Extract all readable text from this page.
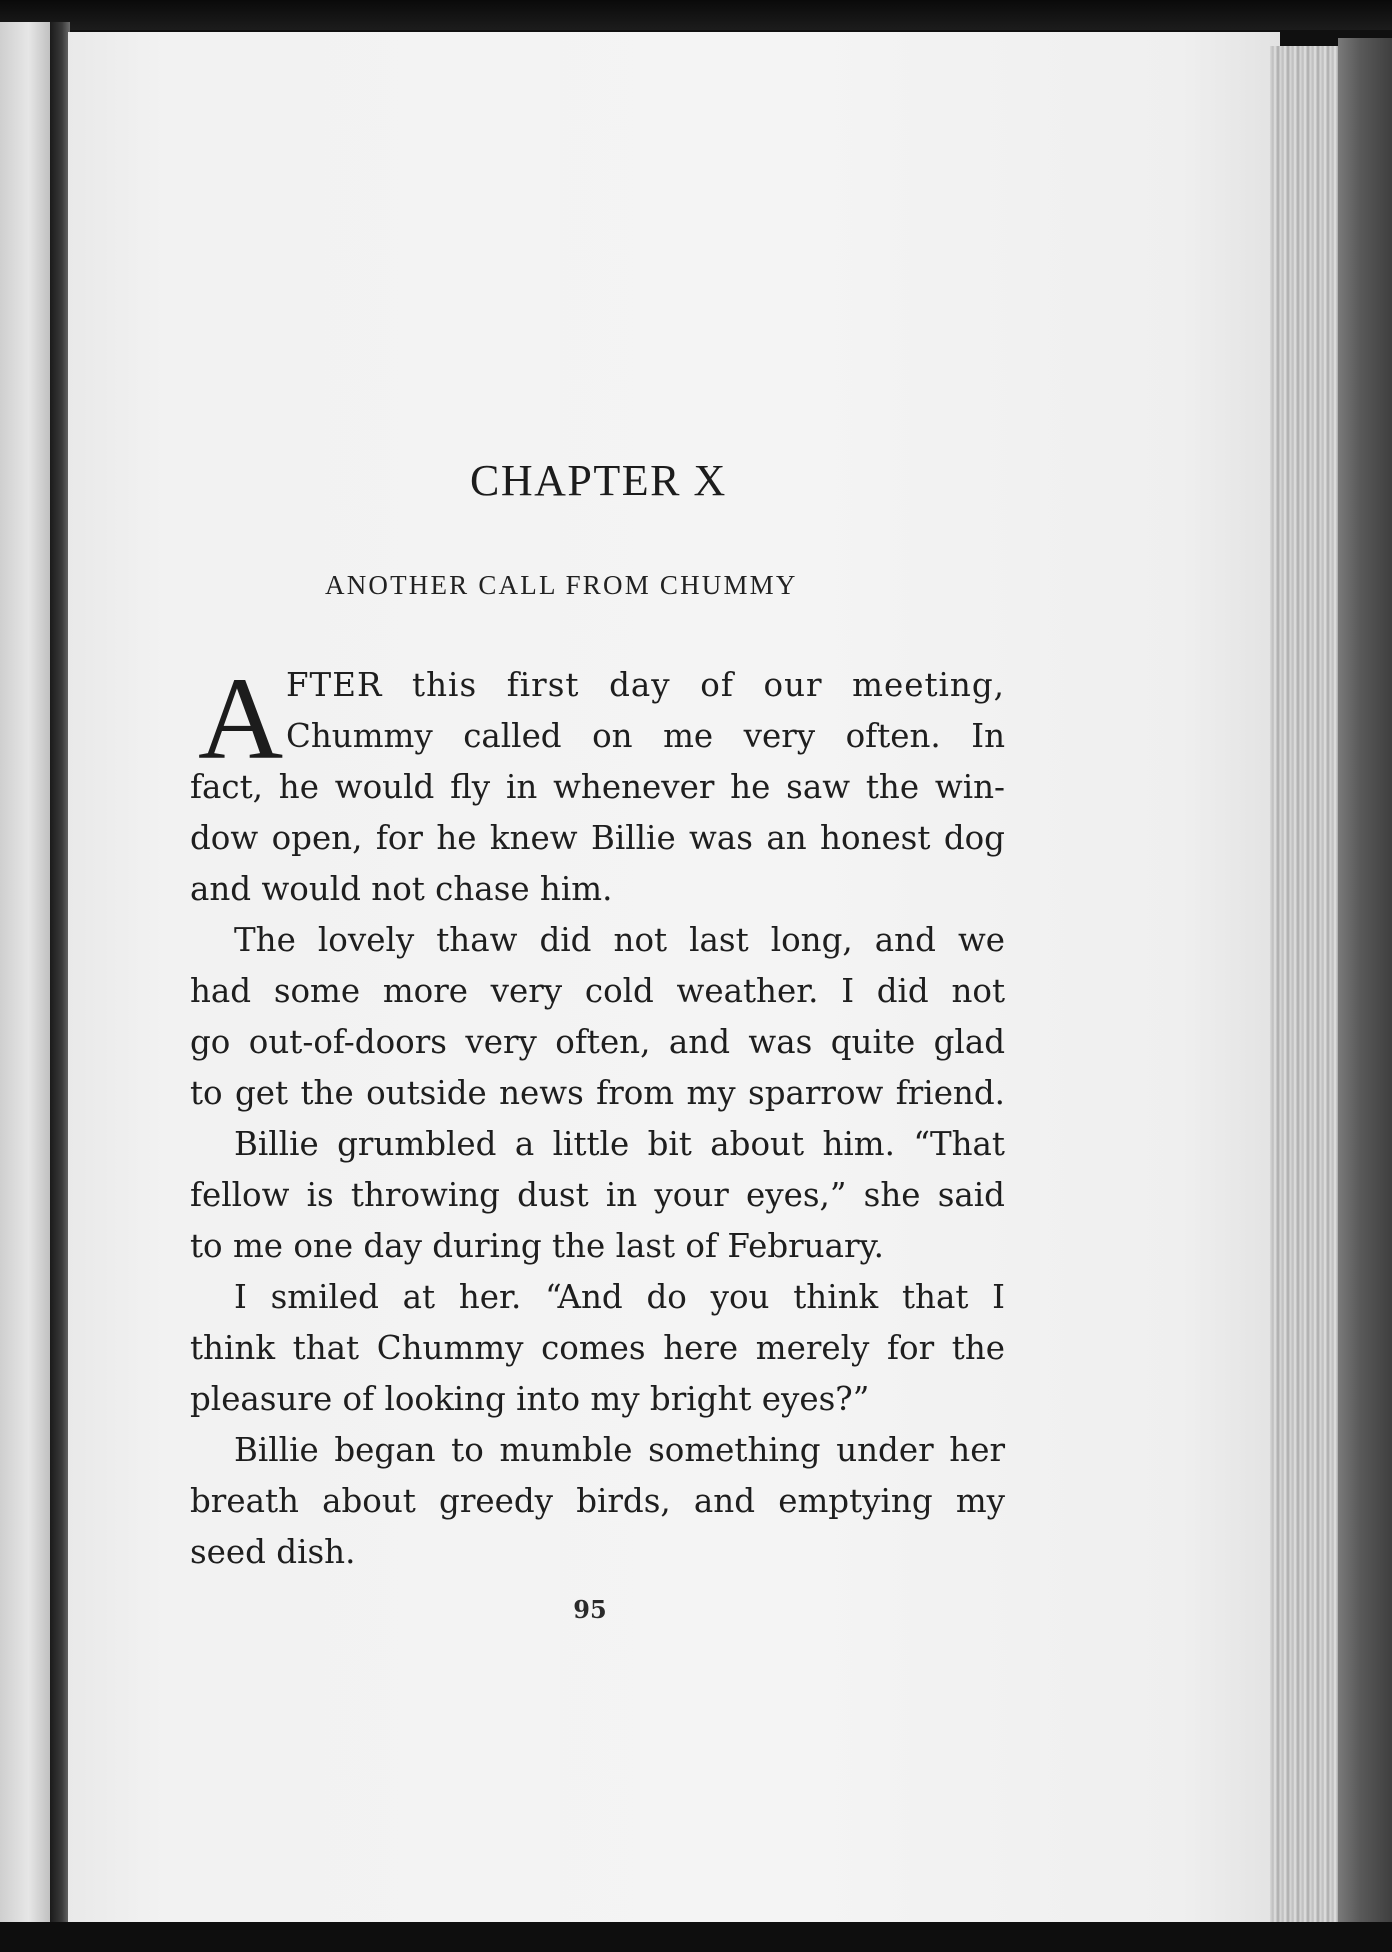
CHAPTER X
ANOTHER CALL FROM CHUMMY
A FTER this first day of our meeting,
Chummy called on me very often. In
fact, he would fly in whenever he saw the win-
dow open, for he knew Billie was an honest dog
and would not chase him.
The lovely thaw did not last long, and we
had some more very cold weather. I did not
go out-of-doors very often, and was quite glad
to get the outside news from my sparrow friend.
Billie grumbled a little bit about him. “That
fellow is throwing dust in your eyes,” she said
to me one day during the last of February.
I smiled at her. “And do you think that I
think that Chummy comes here merely for the
pleasure of looking into my bright eyes?”
Billie began to mumble something under her
breath about greedy birds, and emptying my
seed dish.
95
